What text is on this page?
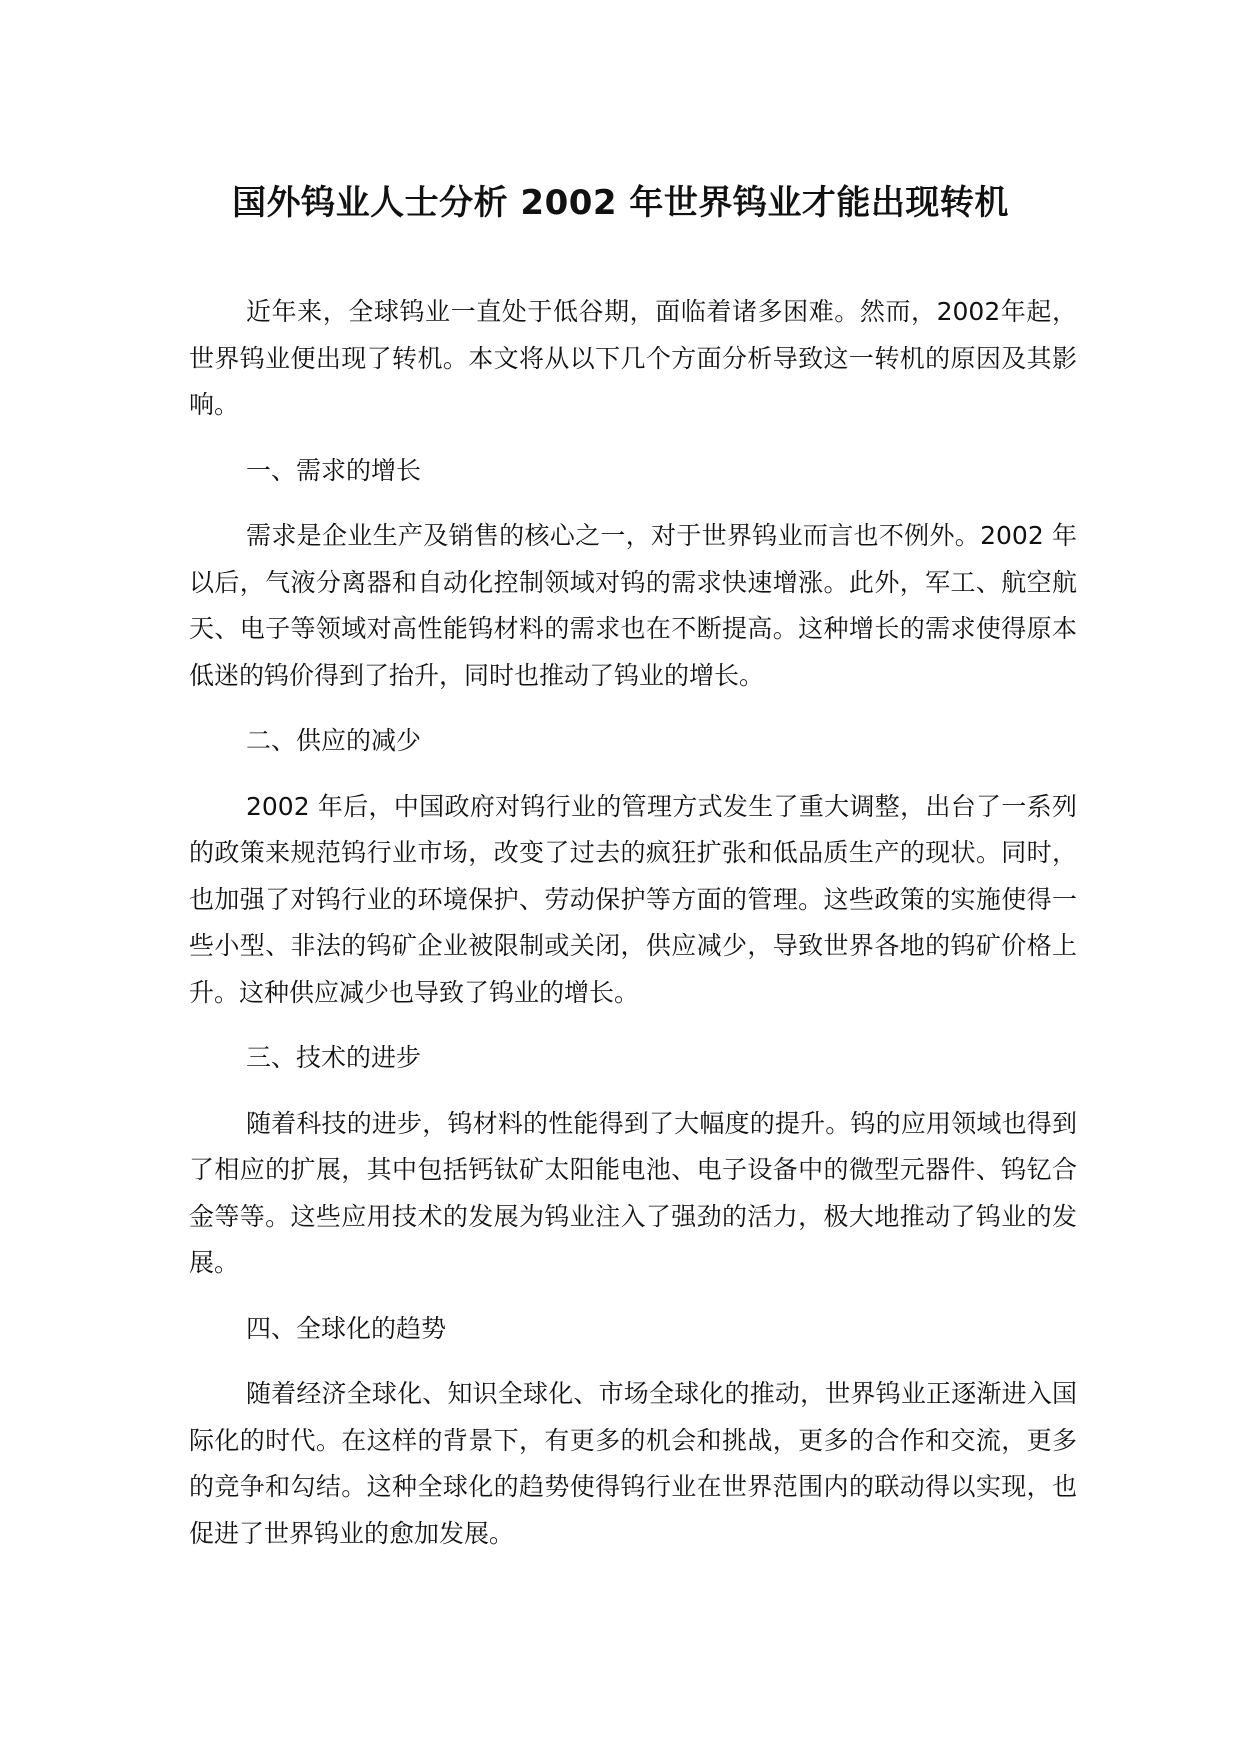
国外钨业人士分析 2002 年世界钨业才能出现转机

近年来，全球钨业一直处于低谷期，面临着诸多困难。然而，2002年起，世界钨业便出现了转机。本文将从以下几个方面分析导致这一转机的原因及其影响。

一、需求的增长

需求是企业生产及销售的核心之一，对于世界钨业而言也不例外。2002 年以后，气液分离器和自动化控制领域对钨的需求快速增涨。此外，军工、航空航天、电子等领域对高性能钨材料的需求也在不断提高。这种增长的需求使得原本低迷的钨价得到了抬升，同时也推动了钨业的增长。

二、供应的减少

2002 年后，中国政府对钨行业的管理方式发生了重大调整，出台了一系列的政策来规范钨行业市场，改变了过去的疯狂扩张和低品质生产的现状。同时，也加强了对钨行业的环境保护、劳动保护等方面的管理。这些政策的实施使得一些小型、非法的钨矿企业被限制或关闭，供应减少，导致世界各地的钨矿价格上升。这种供应减少也导致了钨业的增长。

三、技术的进步

随着科技的进步，钨材料的性能得到了大幅度的提升。钨的应用领域也得到了相应的扩展，其中包括钙钛矿太阳能电池、电子设备中的微型元器件、钨钇合金等等。这些应用技术的发展为钨业注入了强劲的活力，极大地推动了钨业的发展。

四、全球化的趋势

随着经济全球化、知识全球化、市场全球化的推动，世界钨业正逐渐进入国际化的时代。在这样的背景下，有更多的机会和挑战，更多的合作和交流，更多的竞争和勾结。这种全球化的趋势使得钨行业在世界范围内的联动得以实现，也促进了世界钨业的愈加发展。
